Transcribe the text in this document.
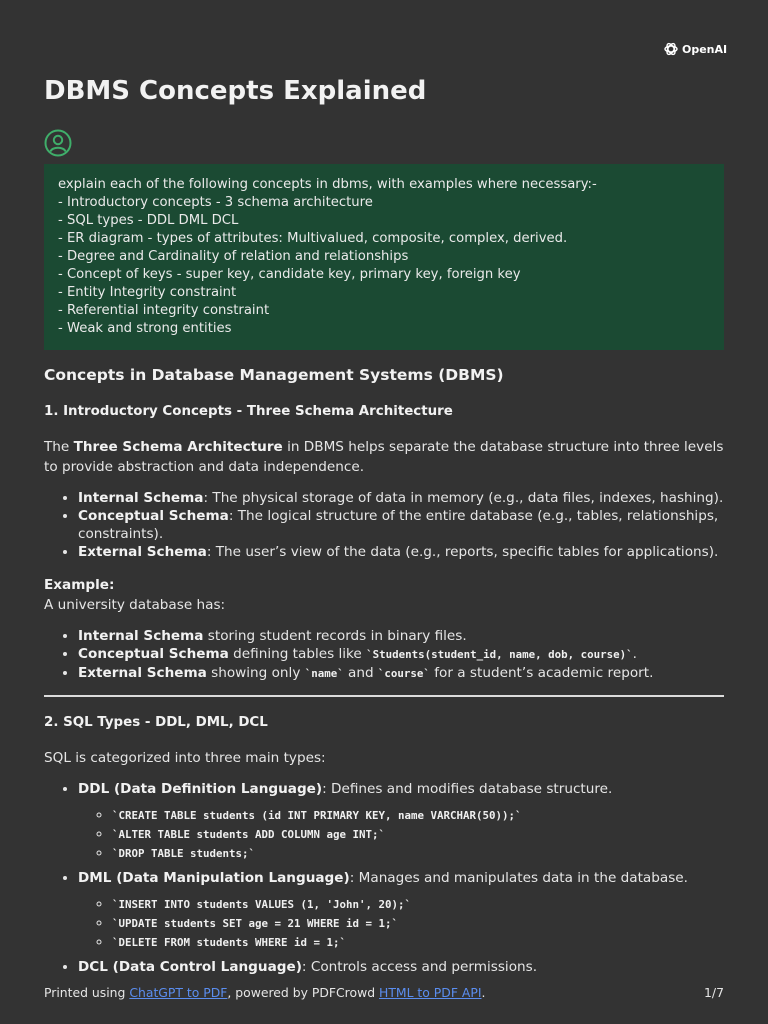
OpenAI
DBMS Concepts Explained
explain each of the following concepts in dbms, with examples where necessary:-
- Introductory concepts - 3 schema architecture
- SQL types - DDL DML DCL
- ER diagram - types of attributes: Multivalued, composite, complex, derived.
- Degree and Cardinality of relation and relationships
- Concept of keys - super key, candidate key, primary key, foreign key
- Entity Integrity constraint
- Referential integrity constraint
- Weak and strong entities
Concepts in Database Management Systems (DBMS)
1. Introductory Concepts - Three Schema Architecture

The Three Schema Architecture in DBMS helps separate the database structure into three levels to provide abstraction and data independence.

• Internal Schema: The physical storage of data in memory (e.g., data files, indexes, hashing).
• Conceptual Schema: The logical structure of the entire database (e.g., tables, relationships, constraints).
• External Schema: The user’s view of the data (e.g., reports, specific tables for applications).
Example:
A university database has:
• Internal Schema storing student records in binary files.
• Conceptual Schema defining tables like `Students(student_id, name, dob, course)`.
• External Schema showing only `name` and `course` for a student’s academic report.
2. SQL Types - DDL, DML, DCL

SQL is categorized into three main types:

• DDL (Data Definition Language): Defines and modifies database structure.
◦ `CREATE TABLE students (id INT PRIMARY KEY, name VARCHAR(50));`
◦ `ALTER TABLE students ADD COLUMN age INT;`
◦ `DROP TABLE students;`
• DML (Data Manipulation Language): Manages and manipulates data in the database.
◦ `INSERT INTO students VALUES (1, 'John', 20);`
◦ `UPDATE students SET age = 21 WHERE id = 1;`
◦ `DELETE FROM students WHERE id = 1;`
• DCL (Data Control Language): Controls access and permissions.
Printed using ChatGPT to PDF, powered by PDFCrowd HTML to PDF API.	1/7
